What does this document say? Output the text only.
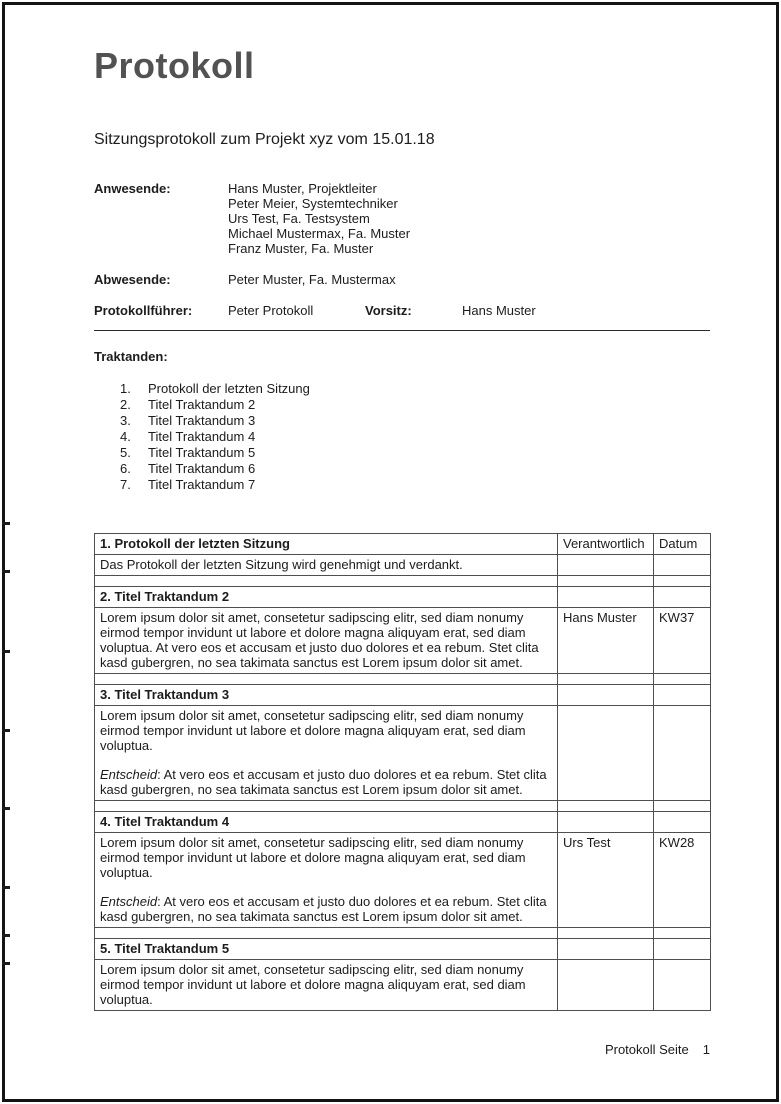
Protokoll
Sitzungsprotokoll zum Projekt xyz vom 15.01.18
Anwesende:	Hans Muster, Projektleiter
Peter Meier, Systemtechniker
Urs Test, Fa. Testsystem
Michael Mustermax, Fa. Muster
Franz Muster, Fa. Muster
Abwesende:	Peter Muster, Fa. Mustermax
Protokollführer:	Peter Protokoll	Vorsitz:	Hans Muster
Traktanden:
1.	Protokoll der letzten Sitzung
2.	Titel Traktandum 2
3.	Titel Traktandum 3
4.	Titel Traktandum 4
5.	Titel Traktandum 5
6.	Titel Traktandum 6
7.	Titel Traktandum 7
1. Protokoll der letzten Sitzung	Verantwortlich	Datum

Das Protokoll der letzten Sitzung wird genehmigt und verdankt.		

2. Titel Traktandum 2		

Lorem ipsum dolor sit amet, consetetur sadipscing elitr, sed diam nonumy eirmod tempor invidunt ut labore et dolore magna aliquyam erat, sed diam voluptua. At vero eos et accusam et justo duo dolores et ea rebum. Stet clita kasd gubergren, no sea takimata sanctus est Lorem ipsum dolor sit amet.	Hans Muster	KW37

3. Titel Traktandum 3		

Lorem ipsum dolor sit amet, consetetur sadipscing elitr, sed diam nonumy eirmod tempor invidunt ut labore et dolore magna aliquyam erat, sed diam voluptua.

Entscheid: At vero eos et accusam et justo duo dolores et ea rebum. Stet clita kasd gubergren, no sea takimata sanctus est Lorem ipsum dolor sit amet.		

4. Titel Traktandum 4		

Lorem ipsum dolor sit amet, consetetur sadipscing elitr, sed diam nonumy eirmod tempor invidunt ut labore et dolore magna aliquyam erat, sed diam voluptua.

Entscheid: At vero eos et accusam et justo duo dolores et ea rebum. Stet clita kasd gubergren, no sea takimata sanctus est Lorem ipsum dolor sit amet.	Urs Test	KW28

5. Titel Traktandum 5		

Lorem ipsum dolor sit amet, consetetur sadipscing elitr, sed diam nonumy eirmod tempor invidunt ut labore et dolore magna aliquyam erat, sed diam voluptua.		

Protokoll Seite 1
